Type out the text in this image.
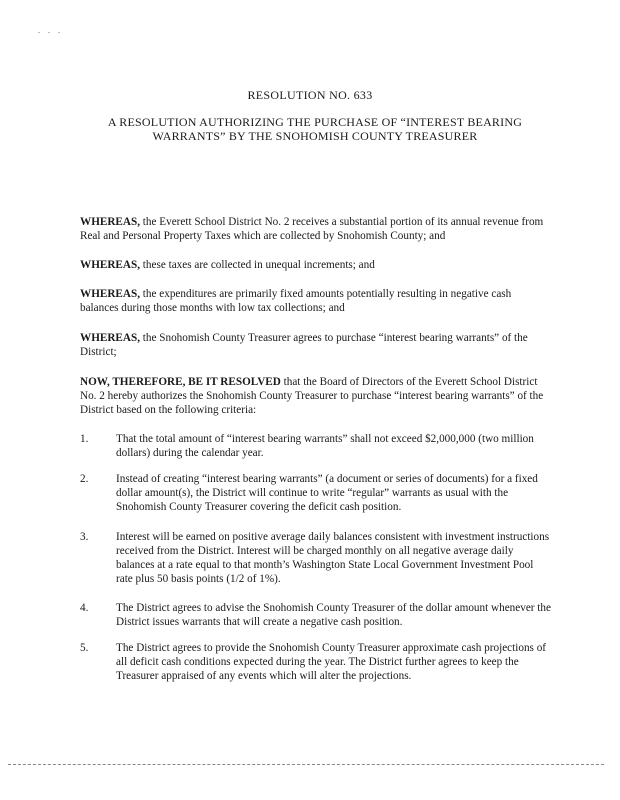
. . .
RESOLUTION NO. 633
A RESOLUTION AUTHORIZING THE PURCHASE OF “INTEREST BEARING WARRANTS” BY THE SNOHOMISH COUNTY TREASURER
WHEREAS, the Everett School District No. 2 receives a substantial portion of its annual revenue from Real and Personal Property Taxes which are collected by Snohomish County; and
WHEREAS, these taxes are collected in unequal increments; and
WHEREAS, the expenditures are primarily fixed amounts potentially resulting in negative cash balances during those months with low tax collections; and
WHEREAS, the Snohomish County Treasurer agrees to purchase “interest bearing warrants” of the District;
NOW, THEREFORE, BE IT RESOLVED that the Board of Directors of the Everett School District No. 2 hereby authorizes the Snohomish County Treasurer to purchase “interest bearing warrants” of the District based on the following criteria:
1.	That the total amount of “interest bearing warrants” shall not exceed $2,000,000 (two million dollars) during the calendar year.
2.	Instead of creating “interest bearing warrants” (a document or series of documents) for a fixed dollar amount(s), the District will continue to write “regular” warrants as usual with the Snohomish County Treasurer covering the deficit cash position.
3.	Interest will be earned on positive average daily balances consistent with investment instructions received from the District. Interest will be charged monthly on all negative average daily balances at a rate equal to that month’s Washington State Local Government Investment Pool rate plus 50 basis points (1/2 of 1%).
4.	The District agrees to advise the Snohomish County Treasurer of the dollar amount whenever the District issues warrants that will create a negative cash position.
5.	The District agrees to provide the Snohomish County Treasurer approximate cash projections of all deficit cash conditions expected during the year. The District further agrees to keep the Treasurer appraised of any events which will alter the projections.
